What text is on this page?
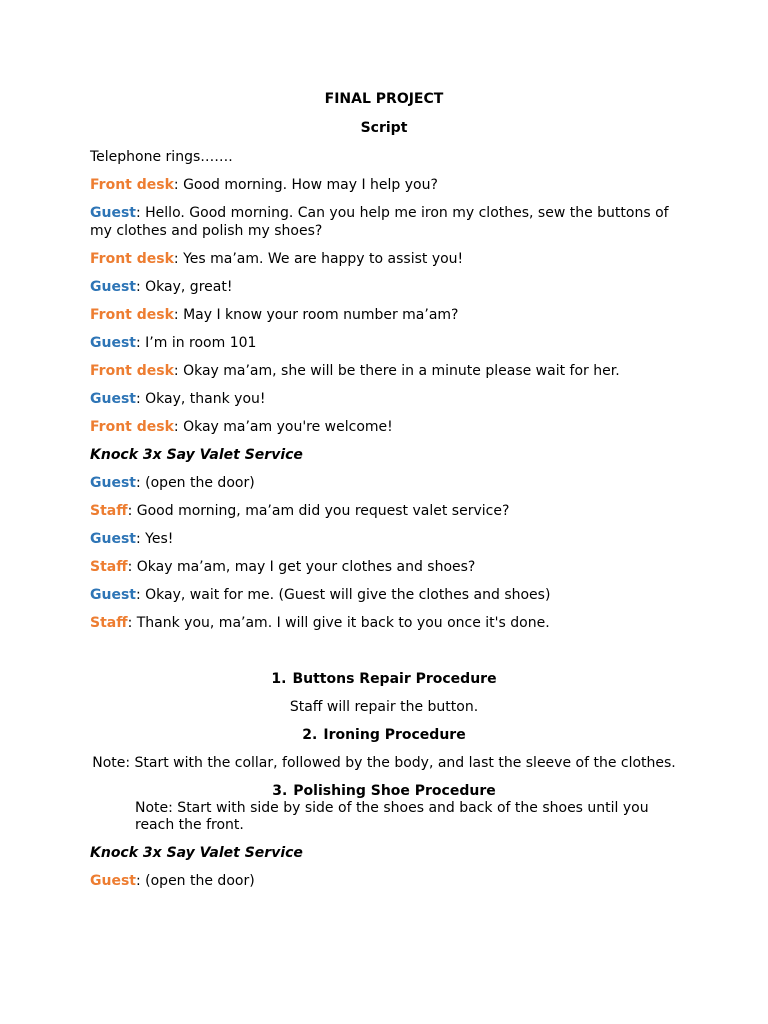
FINAL PROJECT
Script

Telephone rings…….

Front desk: Good morning. How may I help you?

Guest: Hello. Good morning. Can you help me iron my clothes, sew the buttons of my clothes and polish my shoes?

Front desk: Yes ma’am. We are happy to assist you!

Guest: Okay, great!

Front desk: May I know your room number ma’am?

Guest: I’m in room 101

Front desk: Okay ma’am, she will be there in a minute please wait for her.

Guest: Okay, thank you!

Front desk: Okay ma’am you're welcome!

Knock 3x Say Valet Service

Guest: (open the door)

Staff: Good morning, ma’am did you request valet service?

Guest: Yes!

Staff: Okay ma’am, may I get your clothes and shoes?

Guest: Okay, wait for me. (Guest will give the clothes and shoes)

Staff: Thank you, ma’am. I will give it back to you once it's done.

1. Buttons Repair Procedure

Staff will repair the button.

2. Ironing Procedure

Note: Start with the collar, followed by the body, and last the sleeve of the clothes.

3. Polishing Shoe Procedure

Note: Start with side by side of the shoes and back of the shoes until you reach the front.

Knock 3x Say Valet Service

Guest: (open the door)
